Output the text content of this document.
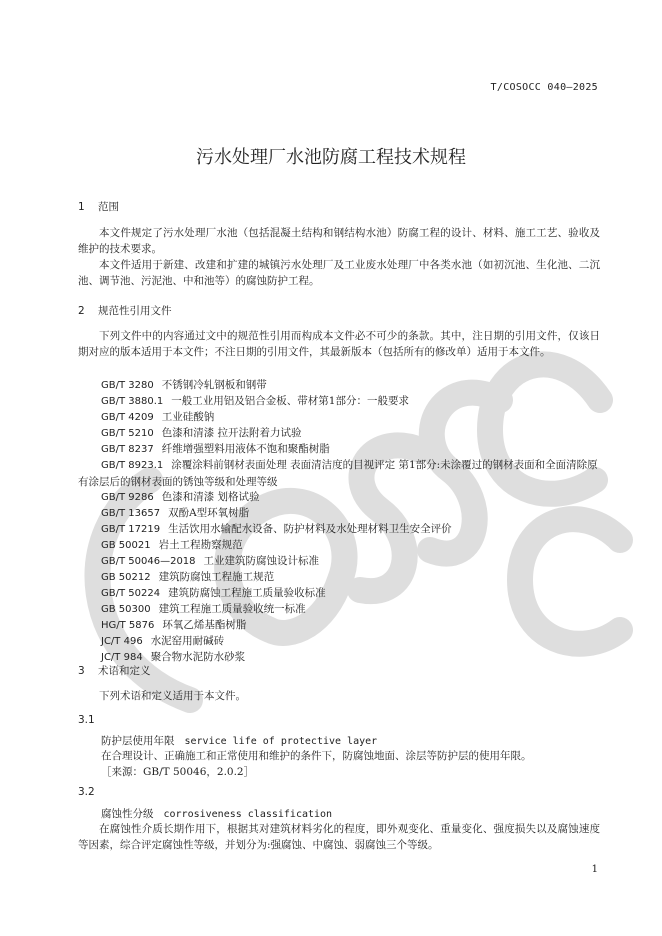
T/COSOCC 040—2025
污水处理厂水池防腐工程技术规程
1 范围
本文件规定了污水处理厂水池（包括混凝土结构和钢结构水池）防腐工程的设计、材料、施工工艺、验收及维护的技术要求。
本文件适用于新建、改建和扩建的城镇污水处理厂及工业废水处理厂中各类水池（如初沉池、生化池、二沉池、调节池、污泥池、中和池等）的腐蚀防护工程。
2 规范性引用文件
下列文件中的内容通过文中的规范性引用而构成本文件必不可少的条款。其中，注日期的引用文件，仅该日期对应的版本适用于本文件；不注日期的引用文件，其最新版本（包括所有的修改单）适用于本文件。
GB/T 3280 不锈钢冷轧钢板和钢带
GB/T 3880.1 一般工业用铝及铝合金板、带材第1部分：一般要求
GB/T 4209 工业硅酸钠
GB/T 5210 色漆和清漆 拉开法附着力试验
GB/T 8237 纤维增强塑料用液体不饱和聚酯树脂
GB/T 8923.1 涂覆涂料前钢材表面处理 表面清洁度的目视评定 第1部分:未涂覆过的钢材表面和全面清除原有涂层后的钢材表面的锈蚀等级和处理等级
GB/T 9286 色漆和清漆 划格试验
GB/T 13657 双酚A型环氧树脂
GB/T 17219 生活饮用水输配水设备、防护材料及水处理材料卫生安全评价
GB 50021 岩土工程勘察规范
GB/T 50046—2018 工业建筑防腐蚀设计标准
GB 50212 建筑防腐蚀工程施工规范
GB/T 50224 建筑防腐蚀工程施工质量验收标准
GB 50300 建筑工程施工质量验收统一标准
HG/T 5876 环氧乙烯基酯树脂
JC/T 496 水泥窑用耐碱砖
JC/T 984 聚合物水泥防水砂浆
3 术语和定义
下列术语和定义适用于本文件。
3.1
防护层使用年限 service life of protective layer
在合理设计、正确施工和正常使用和维护的条件下，防腐蚀地面、涂层等防护层的使用年限。
［来源：GB/T 50046，2.0.2］
3.2
腐蚀性分级 corrosiveness classification
在腐蚀性介质长期作用下，根据其对建筑材料劣化的程度，即外观变化、重量变化、强度损失以及腐蚀速度等因素，综合评定腐蚀性等级，并划分为:强腐蚀、中腐蚀、弱腐蚀三个等级。
1
